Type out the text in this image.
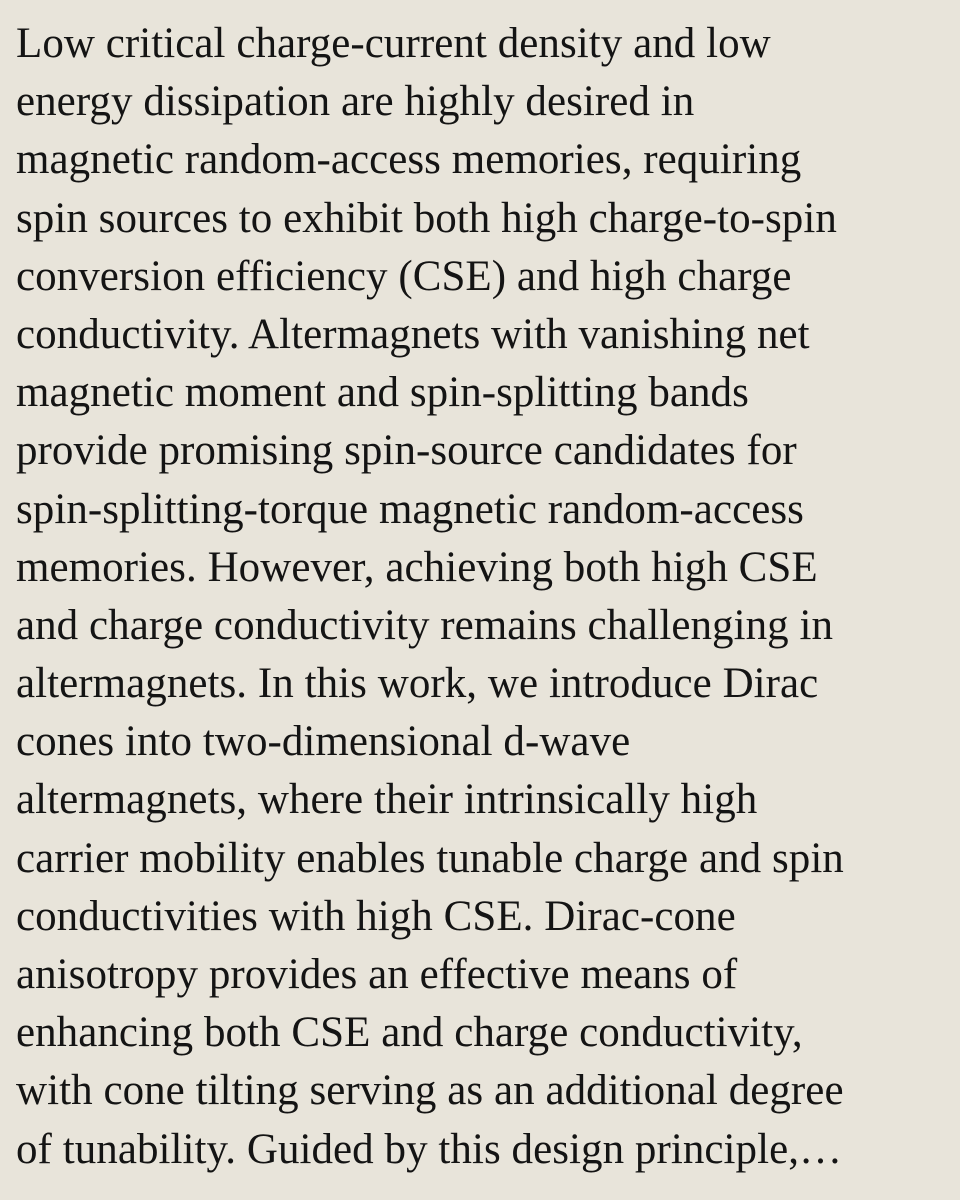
Low critical charge-current density and low
energy dissipation are highly desired in
magnetic random-access memories, requiring
spin sources to exhibit both high charge-to-spin
conversion efficiency (CSE) and high charge
conductivity. Altermagnets with vanishing net
magnetic moment and spin-splitting bands
provide promising spin-source candidates for
spin-splitting-torque magnetic random-access
memories. However, achieving both high CSE
and charge conductivity remains challenging in
altermagnets. In this work, we introduce Dirac
cones into two-dimensional d-wave
altermagnets, where their intrinsically high
carrier mobility enables tunable charge and spin
conductivities with high CSE. Dirac-cone
anisotropy provides an effective means of
enhancing both CSE and charge conductivity,
with cone tilting serving as an additional degree
of tunability. Guided by this design principle,…
